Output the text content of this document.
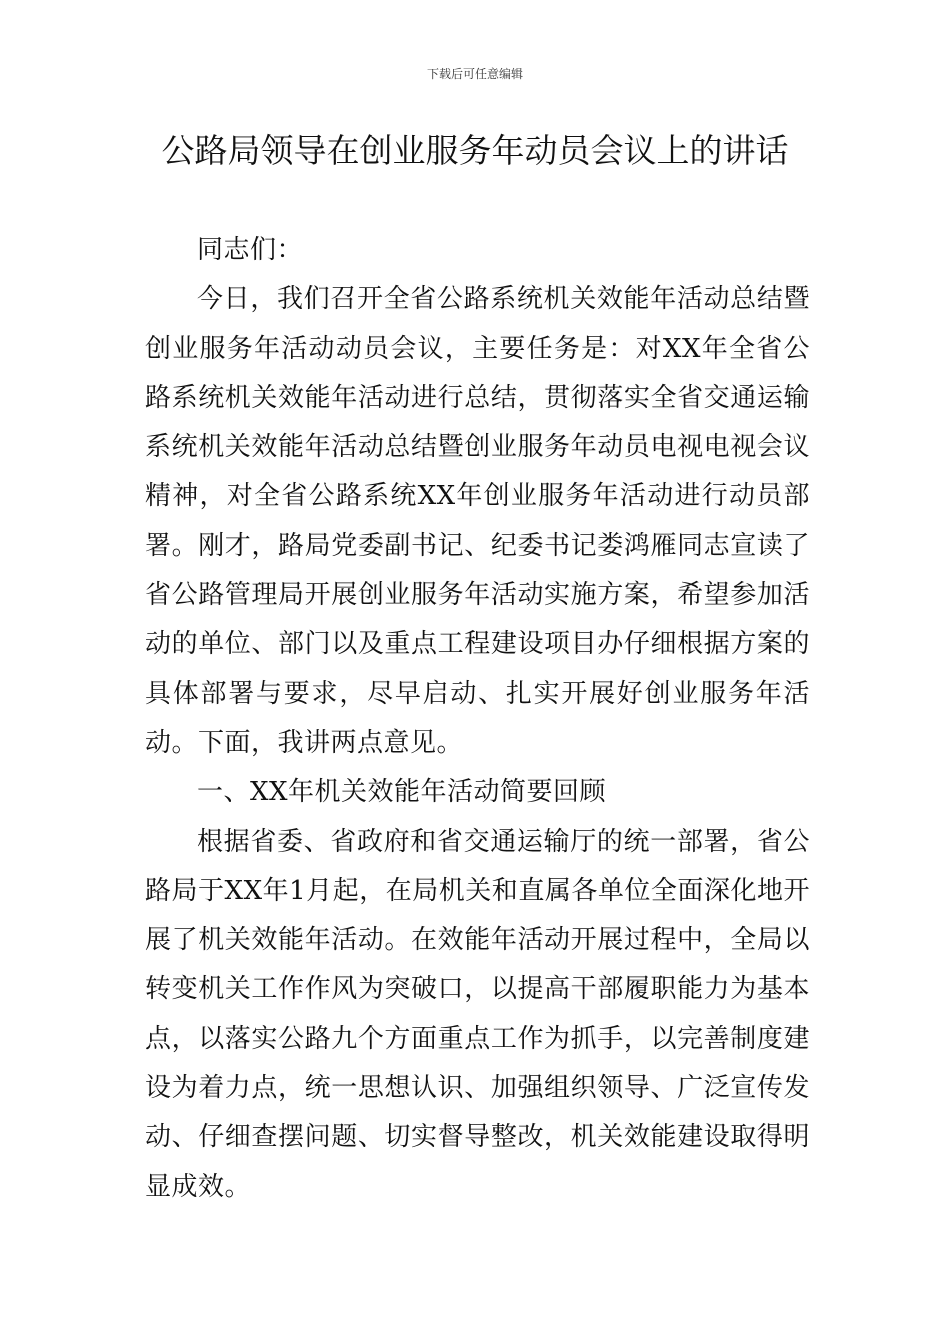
下载后可任意编辑
公路局领导在创业服务年动员会议上的讲话

同志们：

今日，我们召开全省公路系统机关效能年活动总结暨创业服务年活动动员会议，主要任务是：对XX年全省公路系统机关效能年活动进行总结，贯彻落实全省交通运输系统机关效能年活动总结暨创业服务年动员电视电视会议精神，对全省公路系统XX年创业服务年活动进行动员部署。刚才，路局党委副书记、纪委书记娄鸿雁同志宣读了省公路管理局开展创业服务年活动实施方案，希望参加活动的单位、部门以及重点工程建设项目办仔细根据方案的具体部署与要求，尽早启动、扎实开展好创业服务年活动。下面，我讲两点意见。

一、XX年机关效能年活动简要回顾

根据省委、省政府和省交通运输厅的统一部署，省公路局于XX年1月起，在局机关和直属各单位全面深化地开展了机关效能年活动。在效能年活动开展过程中，全局以转变机关工作作风为突破口，以提高干部履职能力为基本点，以落实公路九个方面重点工作为抓手，以完善制度建设为着力点，统一思想认识、加强组织领导、广泛宣传发动、仔细查摆问题、切实督导整改，机关效能建设取得明显成效。
